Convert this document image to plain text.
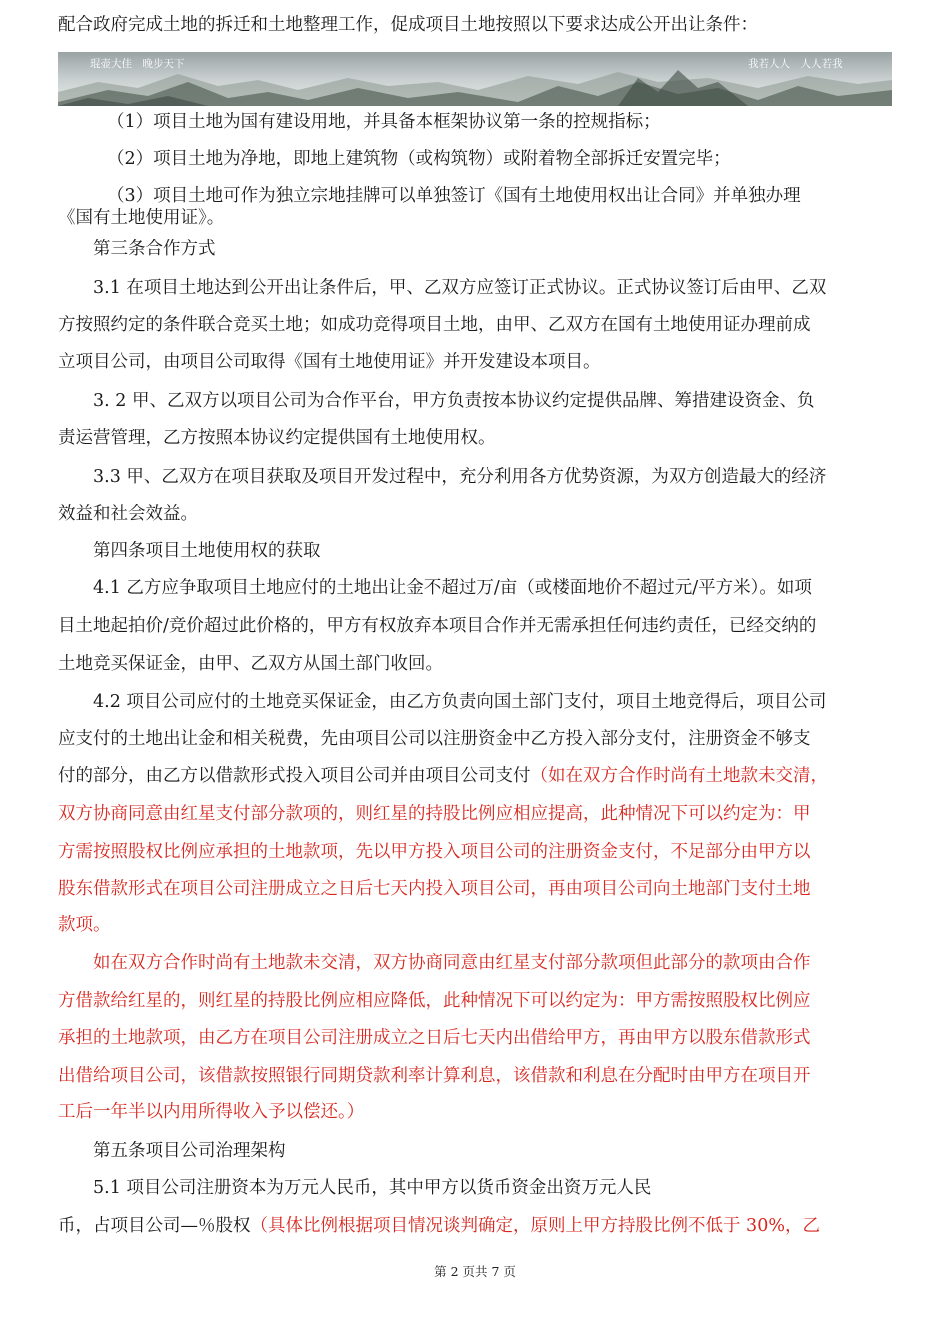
琨壶大佳　晚步天下	我若人人　人人若我
配合政府完成土地的拆迁和土地整理工作，促成项目土地按照以下要求达成公开出让条件：
（1）项目土地为国有建设用地，并具备本框架协议第一条的控规指标；
（2）项目土地为净地，即地上建筑物（或构筑物）或附着物全部拆迁安置完毕；
（3）项目土地可作为独立宗地挂牌可以单独签订《国有土地使用权出让合同》并单独办理
《国有土地使用证》。
第三条合作方式
3.1 在项目土地达到公开出让条件后，甲、乙双方应签订正式协议。正式协议签订后由甲、乙双
方按照约定的条件联合竞买土地；如成功竞得项目土地，由甲、乙双方在国有土地使用证办理前成
立项目公司，由项目公司取得《国有土地使用证》并开发建设本项目。
3. 2 甲、乙双方以项目公司为合作平台，甲方负责按本协议约定提供品牌、筹措建设资金、负
责运营管理，乙方按照本协议约定提供国有土地使用权。
3.3 甲、乙双方在项目获取及项目开发过程中，充分利用各方优势资源，为双方创造最大的经济
效益和社会效益。
第四条项目土地使用权的获取
4.1 乙方应争取项目土地应付的土地出让金不超过万/亩（或楼面地价不超过元/平方米）。如项
目土地起拍价/竞价超过此价格的，甲方有权放弃本项目合作并无需承担任何违约责任，已经交纳的
土地竞买保证金，由甲、乙双方从国土部门收回。
4.2 项目公司应付的土地竞买保证金，由乙方负责向国土部门支付，项目土地竞得后，项目公司
应支付的土地出让金和相关税费，先由项目公司以注册资金中乙方投入部分支付，注册资金不够支
付的部分，由乙方以借款形式投入项目公司并由项目公司支付（如在双方合作时尚有土地款未交清，
双方协商同意由红星支付部分款项的，则红星的持股比例应相应提高，此种情况下可以约定为：甲
方需按照股权比例应承担的土地款项，先以甲方投入项目公司的注册资金支付，不足部分由甲方以
股东借款形式在项目公司注册成立之日后七天内投入项目公司，再由项目公司向土地部门支付土地
款项。
如在双方合作时尚有土地款未交清，双方协商同意由红星支付部分款项但此部分的款项由合作
方借款给红星的，则红星的持股比例应相应降低，此种情况下可以约定为：甲方需按照股权比例应
承担的土地款项，由乙方在项目公司注册成立之日后七天内出借给甲方，再由甲方以股东借款形式
出借给项目公司，该借款按照银行同期贷款利率计算利息，该借款和利息在分配时由甲方在项目开
工后一年半以内用所得收入予以偿还。）
第五条项目公司治理架构
5.1 项目公司注册资本为万元人民币，其中甲方以货币资金出资万元人民
币，占项目公司—％股权（具体比例根据项目情况谈判确定，原则上甲方持股比例不低于 30%，乙
第 2 页共 7 页
